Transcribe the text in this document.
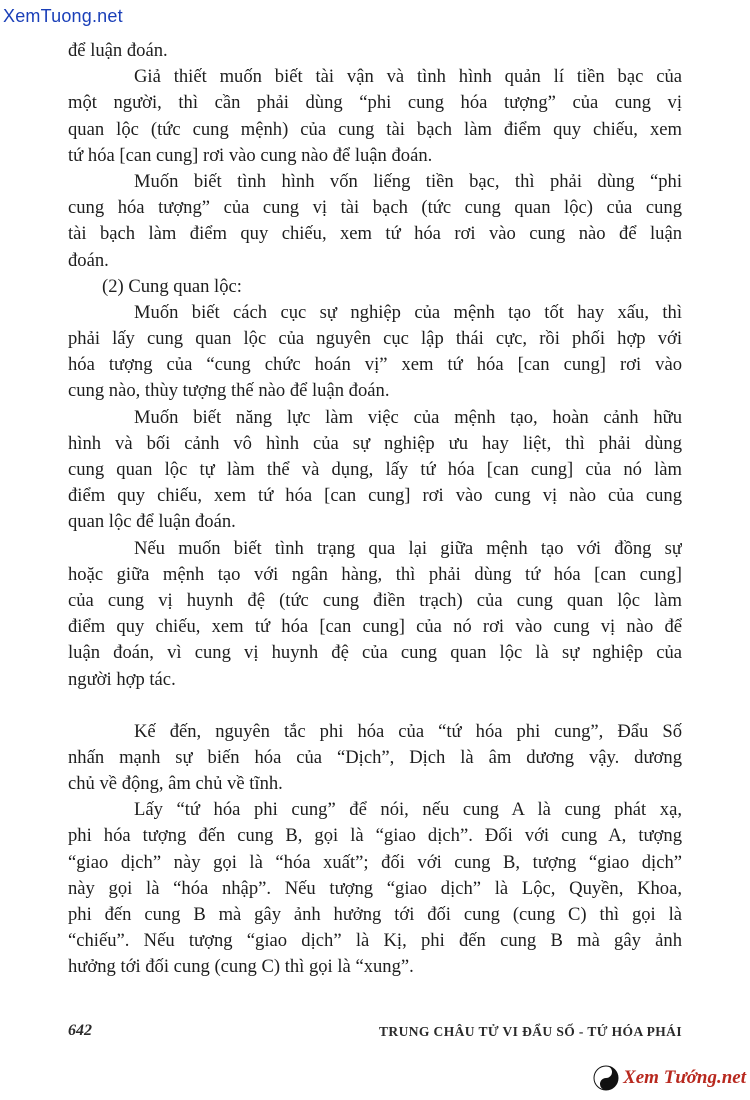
XemTuong.net
để luận đoán.
Giả thiết muốn biết tài vận và tình hình quản lí tiền bạc của
một người, thì cần phải dùng “phi cung hóa tượng” của cung vị
quan lộc (tức cung mệnh) của cung tài bạch làm điểm quy chiếu, xem
tứ hóa [can cung] rơi vào cung nào để luận đoán.
Muốn biết tình hình vốn liếng tiền bạc, thì phải dùng “phi
cung hóa tượng” của cung vị tài bạch (tức cung quan lộc) của cung
tài bạch làm điểm quy chiếu, xem tứ hóa rơi vào cung nào để luận
đoán.
(2) Cung quan lộc:
Muốn biết cách cục sự nghiệp của mệnh tạo tốt hay xấu, thì
phải lấy cung quan lộc của nguyên cục lập thái cực, rồi phối hợp với
hóa tượng của “cung chức hoán vị” xem tứ hóa [can cung] rơi vào
cung nào, thùy tượng thế nào để luận đoán.
Muốn biết năng lực làm việc của mệnh tạo, hoàn cảnh hữu
hình và bối cảnh vô hình của sự nghiệp ưu hay liệt, thì phải dùng
cung quan lộc tự làm thể và dụng, lấy tứ hóa [can cung] của nó làm
điểm quy chiếu, xem tứ hóa [can cung] rơi vào cung vị nào của cung
quan lộc để luận đoán.
Nếu muốn biết tình trạng qua lại giữa mệnh tạo với đồng sự
hoặc giữa mệnh tạo với ngân hàng, thì phải dùng tứ hóa [can cung]
của cung vị huynh đệ (tức cung điền trạch) của cung quan lộc làm
điểm quy chiếu, xem tứ hóa [can cung] của nó rơi vào cung vị nào để
luận đoán, vì cung vị huynh đệ của cung quan lộc là sự nghiệp của
người hợp tác.
Kế đến, nguyên tắc phi hóa của “tứ hóa phi cung”, Đẩu Số
nhấn mạnh sự biến hóa của “Dịch”, Dịch là âm dương vậy. dương
chủ về động, âm chủ về tĩnh.
Lấy “tứ hóa phi cung” để nói, nếu cung A là cung phát xạ,
phi hóa tượng đến cung B, gọi là “giao dịch”. Đối với cung A, tượng
“giao dịch” này gọi là “hóa xuất”; đối với cung B, tượng “giao dịch”
này gọi là “hóa nhập”. Nếu tượng “giao dịch” là Lộc, Quyền, Khoa,
phi đến cung B mà gây ảnh hưởng tới đối cung (cung C) thì gọi là
“chiếu”. Nếu tượng “giao dịch” là Kị, phi đến cung B mà gây ảnh
hưởng tới đối cung (cung C) thì gọi là “xung”.
642	TRUNG CHÂU TỬ VI ĐẨU SỐ - TỨ HÓA PHÁI
Xem Tướng.net
